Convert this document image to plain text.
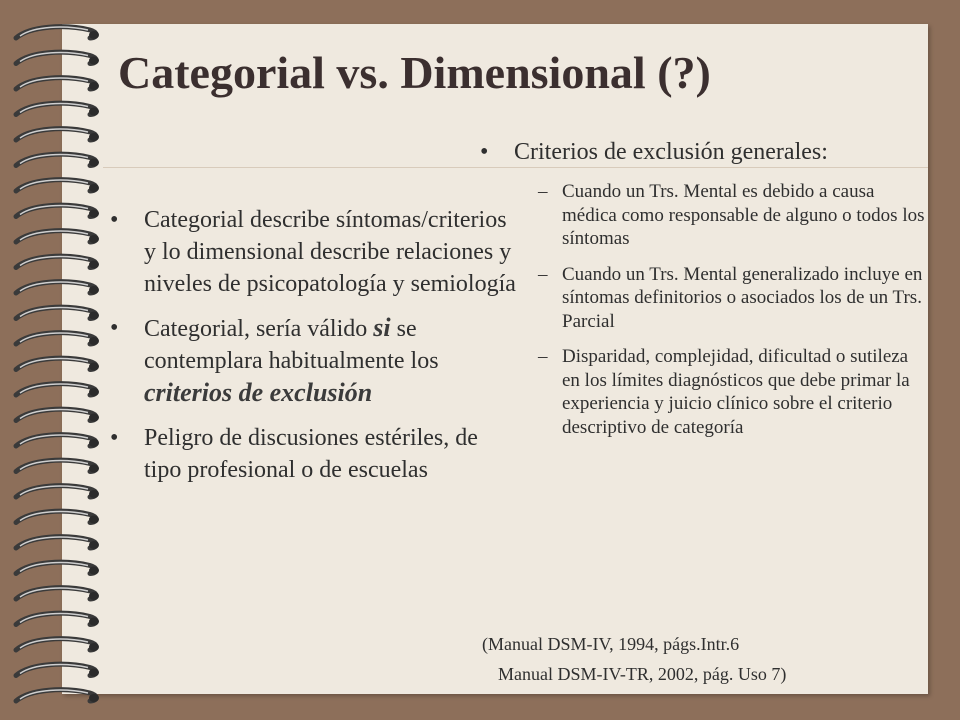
Categorial vs. Dimensional (?)
• Categorial describe síntomas/criterios y lo dimensional describe relaciones y niveles de psicopatología y semiología
• Categorial, sería válido si se contemplara habitualmente los criterios de exclusión
• Peligro de discusiones estériles, de tipo profesional o de escuelas
• Criterios de exclusión generales:
– Cuando un Trs. Mental es debido a causa médica como responsable de alguno o todos los síntomas
– Cuando un Trs. Mental generalizado incluye en síntomas definitorios o asociados los de un Trs. Parcial
– Disparidad, complejidad, dificultad o sutileza en los límites diagnósticos que debe primar la experiencia y juicio clínico sobre el criterio descriptivo de categoría
(Manual DSM-IV, 1994, págs.Intr.6
Manual DSM-IV-TR, 2002, pág. Uso 7)
